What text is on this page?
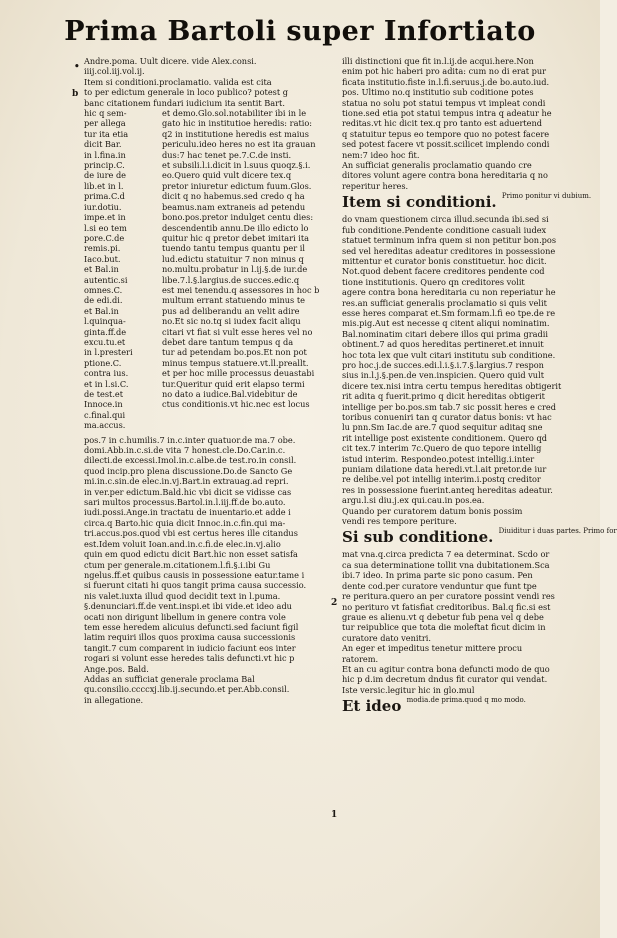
Prima Bartoli super Infortiato
•
b
1
2
Andre.poma. Uult dicere. vide Alex.consi.
iiij.col.iij.vol.ij.
Item si conditioni.proclamatio. valida est cita
to per edictum generale in loco publico? potest g
banc citationem fundari iudicium ita sentit Bart.
hic q sem-
per allega
tur ita etia
dicit Bar.
in l.fina.in
princip.C.
de iure de
lib.et in l.
prima.C.d
iur.dotiu.
impe.et in
l.si eo tem
pore.C.de
remis.pi.
Iaco.but.
et Bal.in
autentic.si
omnes.C.
de edi.di.
et Bal.in
l.quinqua-
ginta.ff.de
excu.tu.et
in l.presteri
ptione.C.
contra ius.
et in l.si.C.
de test.et
Innoce.in
c.final.qui
ma.accus.
et demo.Glo.sol.notabiliter ibi in le
gato hic in institutioe heredis: ratio:
q2 in institutione heredis est maius
periculu.ideo heres no est ita grauan
dus:7 hac tenet pe.7.C.de insti.
et subsili.l.i.dicit in l.suus quoqz.§.i.
eo.Quero quid vult dicere tex.q
pretor iniuretur edictum fuum.Glos.
dicit q no habemus.sed credo q ha
beamus.nam extraneis ad petendu
bono.pos.pretor indulget centu dies:
descendentib annu.De illo edicto lo
quitur hic q pretor debet imitari ita
tuendo tantu tempus quantu per il
lud.edictu statuitur 7 non minus q
no.multu.probatur in l.ij.§.de iur.de
libe.7.l.§.largius.de succes.edic.q
est mei tenendu.q assessores in hoc b
multum errant statuendo minus te
pus ad deliberandu an velit adire
no.Et sic no.tq si iudex facit aliqu
citari vt fiat si vult esse heres vel no
debet dare tantum tempus q da
tur ad petendam bo.pos.Et non pot
minus tempus statuere.vt.ll.preallt.
et per hoc mille processus deuastabi
tur.Queritur quid erit elapso termi
no dato a iudice.Bal.videbitur de
ctus conditionis.vt hic.nec est locus
pos.7 in c.humilis.7 in.c.inter quatuor.de ma.7 obe.
domi.Abb.in.c.si.de vita 7 honest.cle.Do.Car.in.c.
dilecti.de excessi.Imol.in.c.albe.de test.ro.in consil.
quod incip.pro plena discussione.Do.de Sancto Ge
mi.in.c.sin.de elec.in.vj.Bart.in extrauag.ad repri.
in ver.per edictum.Bald.hic vbi dicit se vidisse cas
sari multos processus.Bartol.in.l.iij.ff.de bo.auto.
iudi.possi.Ange.in tractatu de inuentario.et adde i
circa.q Barto.hic quia dicit Innoc.in.c.fin.qui ma-
tri.accus.pos.quod vbi est certus heres ille citandus
est.Idem voluit Ioan.and.in.c.fi.de elec.in.vj.alio
quin em quod edictu dicit Bart.hic non esset satisfa
ctum per generale.m.citationem.l.fi.§.i.ibi Gu
ngelus.ff.et quibus causis in possessione eatur.tame i
si fuerunt citati hi quos tangit prima causa successio.
nis valet.iuxta illud quod decidit text in l.puma.
§.denunciari.ff.de vent.inspi.et ibi vide.et ideo adu
ocati non dirigunt libellum in genere contra vole
tem esse heredem alicuius defuncti.sed faciunt figil
latim requiri illos quos proxima causa successionis
tangit.7 cum comparent in iudicio faciunt eos inter
rogari si volunt esse heredes talis defuncti.vt hic p
Ange.pos. Bald.
Addas an sufficiat generale proclama Bal
qu.consilio.ccccxj.lib.ij.secundo.et per.Abb.consil.
in allegatione.
illi distinctioni que fit in.l.ij.de acqui.here.Non
enim pot hic haberi pro adita: cum no di erat pur
ficata institutio.fiste in.l.fi.seruus.j.de bo.auto.iud.
pos. Ultimo no.q institutio sub coditione potes
statua no solu pot statui tempus vt impleat condi
tione.sed etia pot statui tempus intra q adeatur he
reditas.vt hic dicit tex.q pro tanto est aduertend
q statuitur tepus eo tempore quo no potest facere
sed potest facere vt possit.scilicet implendo condi
nem:7 ideo hoc fit.
An sufficiat generalis proclamatio quando cre
ditores volunt agere contra bona hereditaria q no
reperitur heres.
Item si conditioni. $^{Primo ponitur vi dubium.}$
do vnam questionem circa illud.secunda ibi.sed si
fub conditione.Pendente conditione casuali iudex
statuet terminum infra quem si non petitur bon.pos
sed vel hereditas adeatur creditores in possessione
mittentur et curator bonis constituetur. hoc dicit.
Not.quod debent facere creditores pendente cod
tione institutionis. Quero qn creditores volit
agere contra bona hereditaria cu non reperiatur he
res.an sufficiat generalis proclamatio si quis velit
esse heres comparat et.Sm formam.l.fi eo tpe.de re
mis.pig.Aut est necesse q citent aliqui nominatim.
Bal.nominatim citari debere illos qui prima gradii
obtinent.7 ad quos hereditas pertineret.et innuit
hoc tota lex que vult citari institutu sub conditione.
pro hoc.j.de succes.edi.l.i.§.i.7.§.largius.7 respon
sius in.l.j.§.pen.de ven.inspicien. Quero quid vult
dicere tex.nisi intra certu tempus hereditas obtigerit
rit adita q fuerit.primo q dicit hereditas obtigerit
intellige per bo.pos.sm tab.7 sic possit heres e cred
toribus conueniri tan q curator datus bonis: vt hac
lu pnn.Sm Iac.de are.7 quod sequitur aditaq sne
rit intellige post existente conditionem. Quero qd
cit tex.7 interim 7c.Quero de quo tepore intellig
istud interim. Respondeo.potest intellig.i.inter
puniam dilatione data heredi.vt.l.ait pretor.de iur
re delibe.vel pot intellig interim.i.postq creditor
res in possessione fuerint.anteq hereditas adeatur.
argu.l.si diu.j.ex qui.cau.in pos.ea.
Quando per curatorem datum bonis possim
vendi res tempore periture.
Si sub conditione. $^{Diuiditur i duas partes. Primo for}$
mat vna.q.circa predicta 7 ea determinat. Scdo or
ca sua determinatione tollit vna dubitationem.Sca
ibi.7 ideo. In prima parte sic pono casum. Pen
dente cod.per curatore venduntur que funt tpe
re peritura.quero an per curatore possint vendi res
no perituro vt fatisfiat creditoribus. Bal.q fic.si est
graue es alienu.vt q debetur fub pena vel q debe
tur reipublice que tota die moleftat ficut dicim in
curatore dato venitri.
An eger et impeditus tenetur mittere procu
ratorem.
Et an cu agitur contra bona defuncti modo de quo
hic p d.im decretum dndus fit curator qui vendat.
Iste versic.legitur hic in glo.mul
Et ideo $^{modia.de prima.quod q mo modo.}$
